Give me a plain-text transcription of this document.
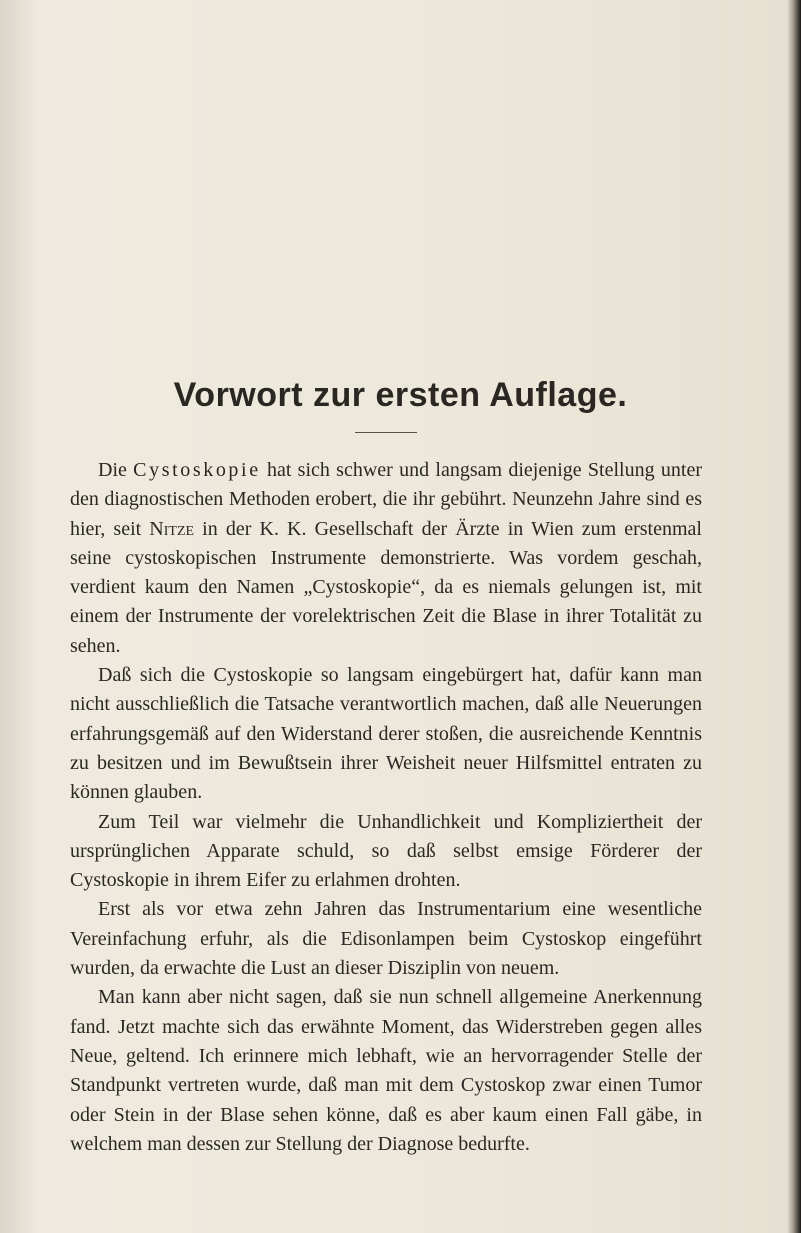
Vorwort zur ersten Auflage.

Die Cystoskopie hat sich schwer und langsam diejenige Stellung unter den diagnostischen Methoden erobert, die ihr gebührt. Neunzehn Jahre sind es hier, seit Nitze in der K. K. Gesellschaft der Ärzte in Wien zum erstenmal seine cystoskopischen Instrumente demonstrierte. Was vordem geschah, verdient kaum den Namen „Cystoskopie“, da es niemals gelungen ist, mit einem der Instrumente der vorelektrischen Zeit die Blase in ihrer Totalität zu sehen.

Daß sich die Cystoskopie so langsam eingebürgert hat, dafür kann man nicht ausschließlich die Tatsache verantwortlich machen, daß alle Neuerungen erfahrungsgemäß auf den Widerstand derer stoßen, die ausreichende Kenntnis zu besitzen und im Bewußtsein ihrer Weisheit neuer Hilfsmittel entraten zu können glauben.

Zum Teil war vielmehr die Unhandlichkeit und Kompliziertheit der ursprünglichen Apparate schuld, so daß selbst emsige Förderer der Cystoskopie in ihrem Eifer zu erlahmen drohten.

Erst als vor etwa zehn Jahren das Instrumentarium eine wesentliche Vereinfachung erfuhr, als die Edisonlampen beim Cystoskop eingeführt wurden, da erwachte die Lust an dieser Disziplin von neuem.

Man kann aber nicht sagen, daß sie nun schnell allgemeine Anerkennung fand. Jetzt machte sich das erwähnte Moment, das Widerstreben gegen alles Neue, geltend. Ich erinnere mich lebhaft, wie an hervorragender Stelle der Standpunkt vertreten wurde, daß man mit dem Cystoskop zwar einen Tumor oder Stein in der Blase sehen könne, daß es aber kaum einen Fall gäbe, in welchem man dessen zur Stellung der Diagnose bedurfte.
